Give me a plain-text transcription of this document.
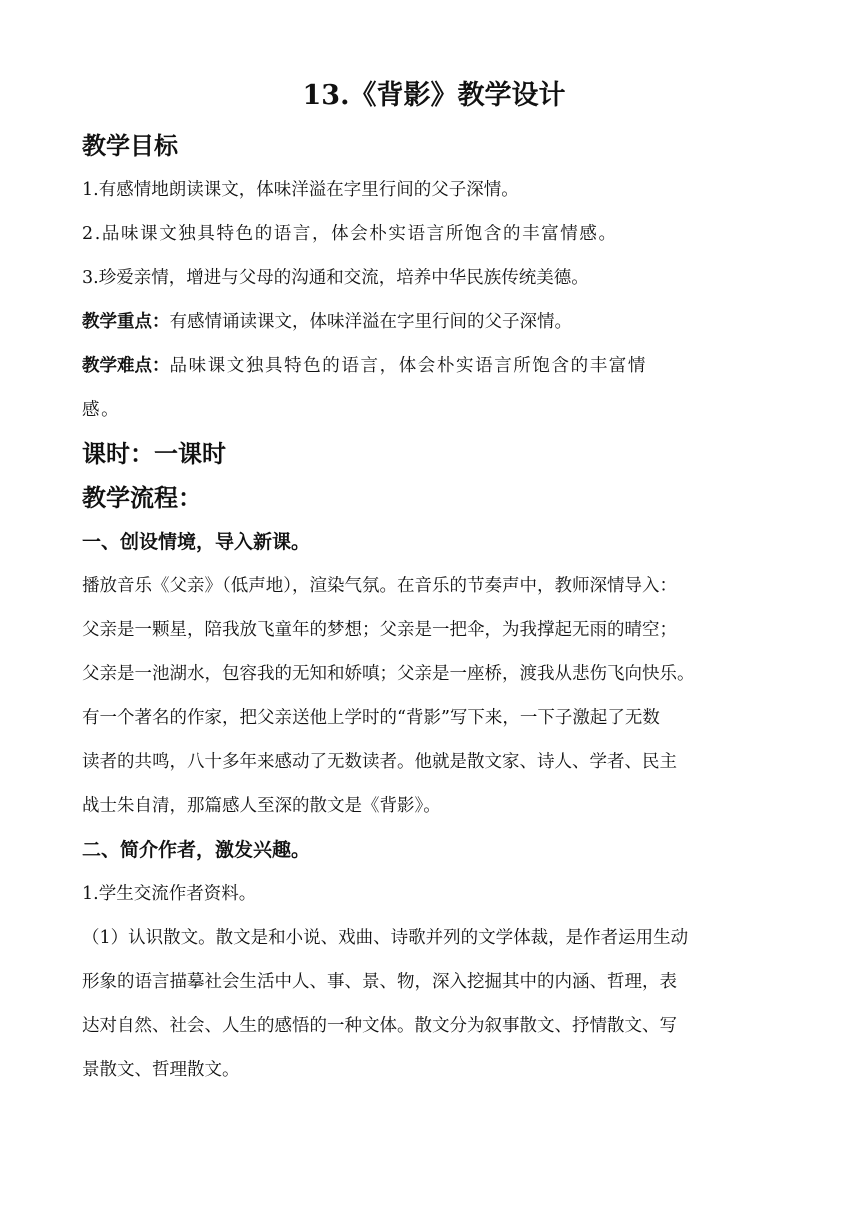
13.《背影》教学设计
教学目标
1.有感情地朗读课文，体味洋溢在字里行间的父子深情。
2.品味课文独具特色的语言，体会朴实语言所饱含的丰富情感。
3.珍爱亲情，增进与父母的沟通和交流，培养中华民族传统美德。
教学重点：有感情诵读课文，体味洋溢在字里行间的父子深情。
教学难点：品味课文独具特色的语言，体会朴实语言所饱含的丰富情
感。
课时：一课时
教学流程：
一、创设情境，导入新课。
播放音乐《父亲》（低声地），渲染气氛。在音乐的节奏声中，教师深情导入：
父亲是一颗星，陪我放飞童年的梦想；父亲是一把伞，为我撑起无雨的晴空；
父亲是一池湖水，包容我的无知和娇嗔；父亲是一座桥，渡我从悲伤飞向快乐。
有一个著名的作家，把父亲送他上学时的“背影”写下来，一下子激起了无数
读者的共鸣，八十多年来感动了无数读者。他就是散文家、诗人、学者、民主
战士朱自清，那篇感人至深的散文是《背影》。
二、简介作者，激发兴趣。
1.学生交流作者资料。
（1）认识散文。散文是和小说、戏曲、诗歌并列的文学体裁，是作者运用生动
形象的语言描摹社会生活中人、事、景、物，深入挖掘其中的内涵、哲理，表
达对自然、社会、人生的感悟的一种文体。散文分为叙事散文、抒情散文、写
景散文、哲理散文。
